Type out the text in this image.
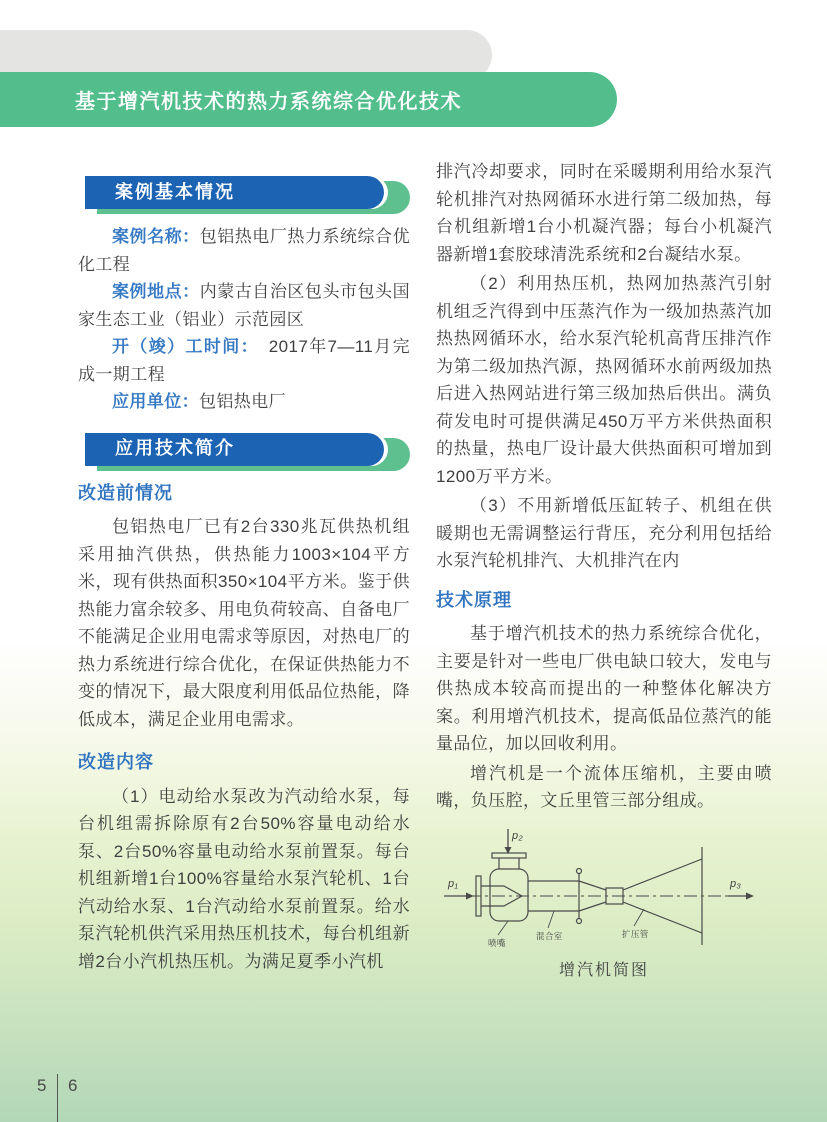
基于增汽机技术的热力系统综合优化技术
案例基本情况

案例名称：包铝热电厂热力系统综合优化工程

案例地点：内蒙古自治区包头市包头国家生态工业（铝业）示范园区

开（竣）工时间：　2017年7—11月完成一期工程

应用单位：包铝热电厂

应用技术简介
改造前情况

包铝热电厂已有2台330兆瓦供热机组采用抽汽供热，供热能力1003×104平方米，现有供热面积350×104平方米。鉴于供热能力富余较多、用电负荷较高、自备电厂不能满足企业用电需求等原因，对热电厂的热力系统进行综合优化，在保证供热能力不变的情况下，最大限度利用低品位热能，降低成本，满足企业用电需求。

改造内容

（1）电动给水泵改为汽动给水泵，每台机组需拆除原有2台50%容量电动给水泵、2台50%容量电动给水泵前置泵。每台机组新增1台100%容量给水泵汽轮机、1台汽动给水泵、1台汽动给水泵前置泵。给水泵汽轮机供汽采用热压机技术，每台机组新增2台小汽机热压机。为满足夏季小汽机

排汽冷却要求，同时在采暖期利用给水泵汽轮机排汽对热网循环水进行第二级加热，每台机组新增1台小机凝汽器；每台小机凝汽器新增1套胶球清洗系统和2台凝结水泵。

（2）利用热压机，热网加热蒸汽引射机组乏汽得到中压蒸汽作为一级加热蒸汽加热热网循环水，给水泵汽轮机高背压排汽作为第二级加热汽源，热网循环水前两级加热后进入热网站进行第三级加热后供出。满负荷发电时可提供满足450万平方米供热面积的热量，热电厂设计最大供热面积可增加到1200万平方米。

（3）不用新增低压缸转子、机组在供暖期也无需调整运行背压，充分利用包括给水泵汽轮机排汽、大机排汽在内

技术原理

基于增汽机技术的热力系统综合优化，主要是针对一些电厂供电缺口较大，发电与供热成本较高而提出的一种整体化解决方案。利用增汽机技术，提高低品位蒸汽的能量品位，加以回收利用。

增汽机是一个流体压缩机，主要由喷嘴，负压腔，文丘里管三部分组成。

p₁
p₂
p₃
喷嘴
混合室	扩压管
增汽机简图
5 6
